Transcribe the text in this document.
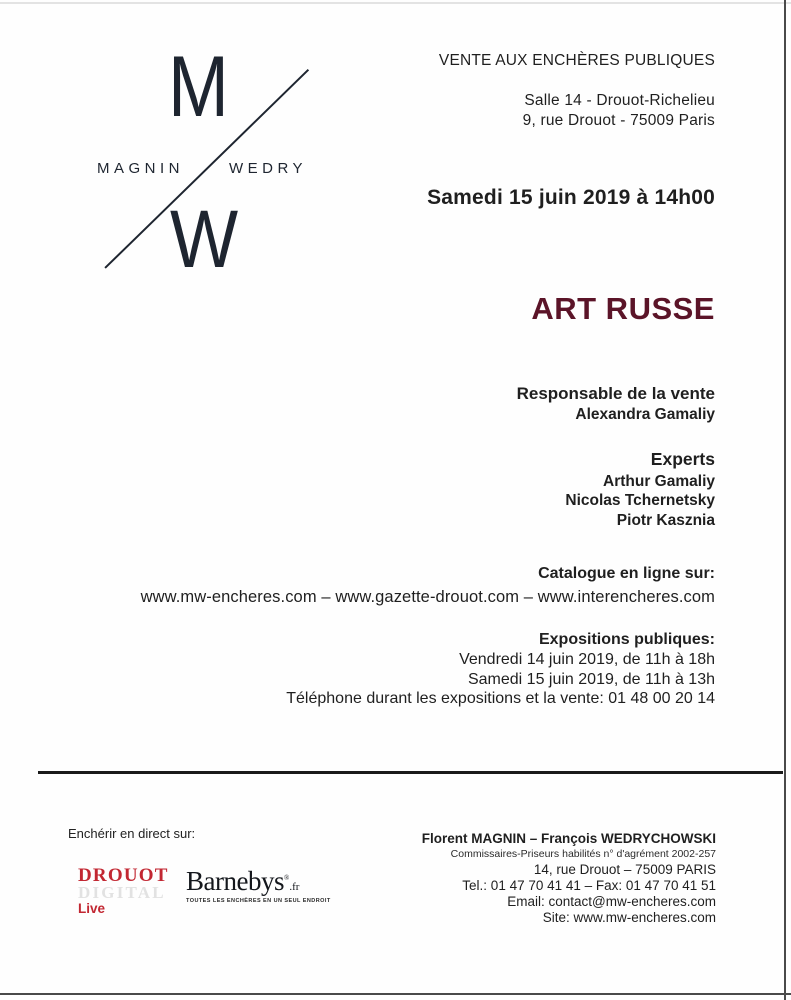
M
MAGNIN	WEDRY
W
VENTE AUX ENCHÈRES PUBLIQUES
Salle 14 - Drouot-Richelieu
9, rue Drouot - 75009 Paris
Samedi 15 juin 2019 à 14h00
ART RUSSE
Responsable de la vente
Alexandra Gamaliy
Experts
Arthur Gamaliy
Nicolas Tchernetsky
Piotr Kasznia
Catalogue en ligne sur:
www.mw-encheres.com – www.gazette-drouot.com – www.interencheres.com
Expositions publiques:
Vendredi 14 juin 2019, de 11h à 18h
Samedi 15 juin 2019, de 11h à 13h
Téléphone durant les expositions et la vente: 01 48 00 20 14
Enchérir en direct sur:
DROUOT
DIGITAL
Live
Barnebys®.fr
TOUTES LES ENCHÈRES EN UN SEUL ENDROIT
Florent MAGNIN – François WEDRYCHOWSKI
Commissaires-Priseurs habilités n° d'agrément 2002-257
14, rue Drouot – 75009 PARIS
Tel.: 01 47 70 41 41 – Fax: 01 47 70 41 51
Email: contact@mw-encheres.com
Site: www.mw-encheres.com
